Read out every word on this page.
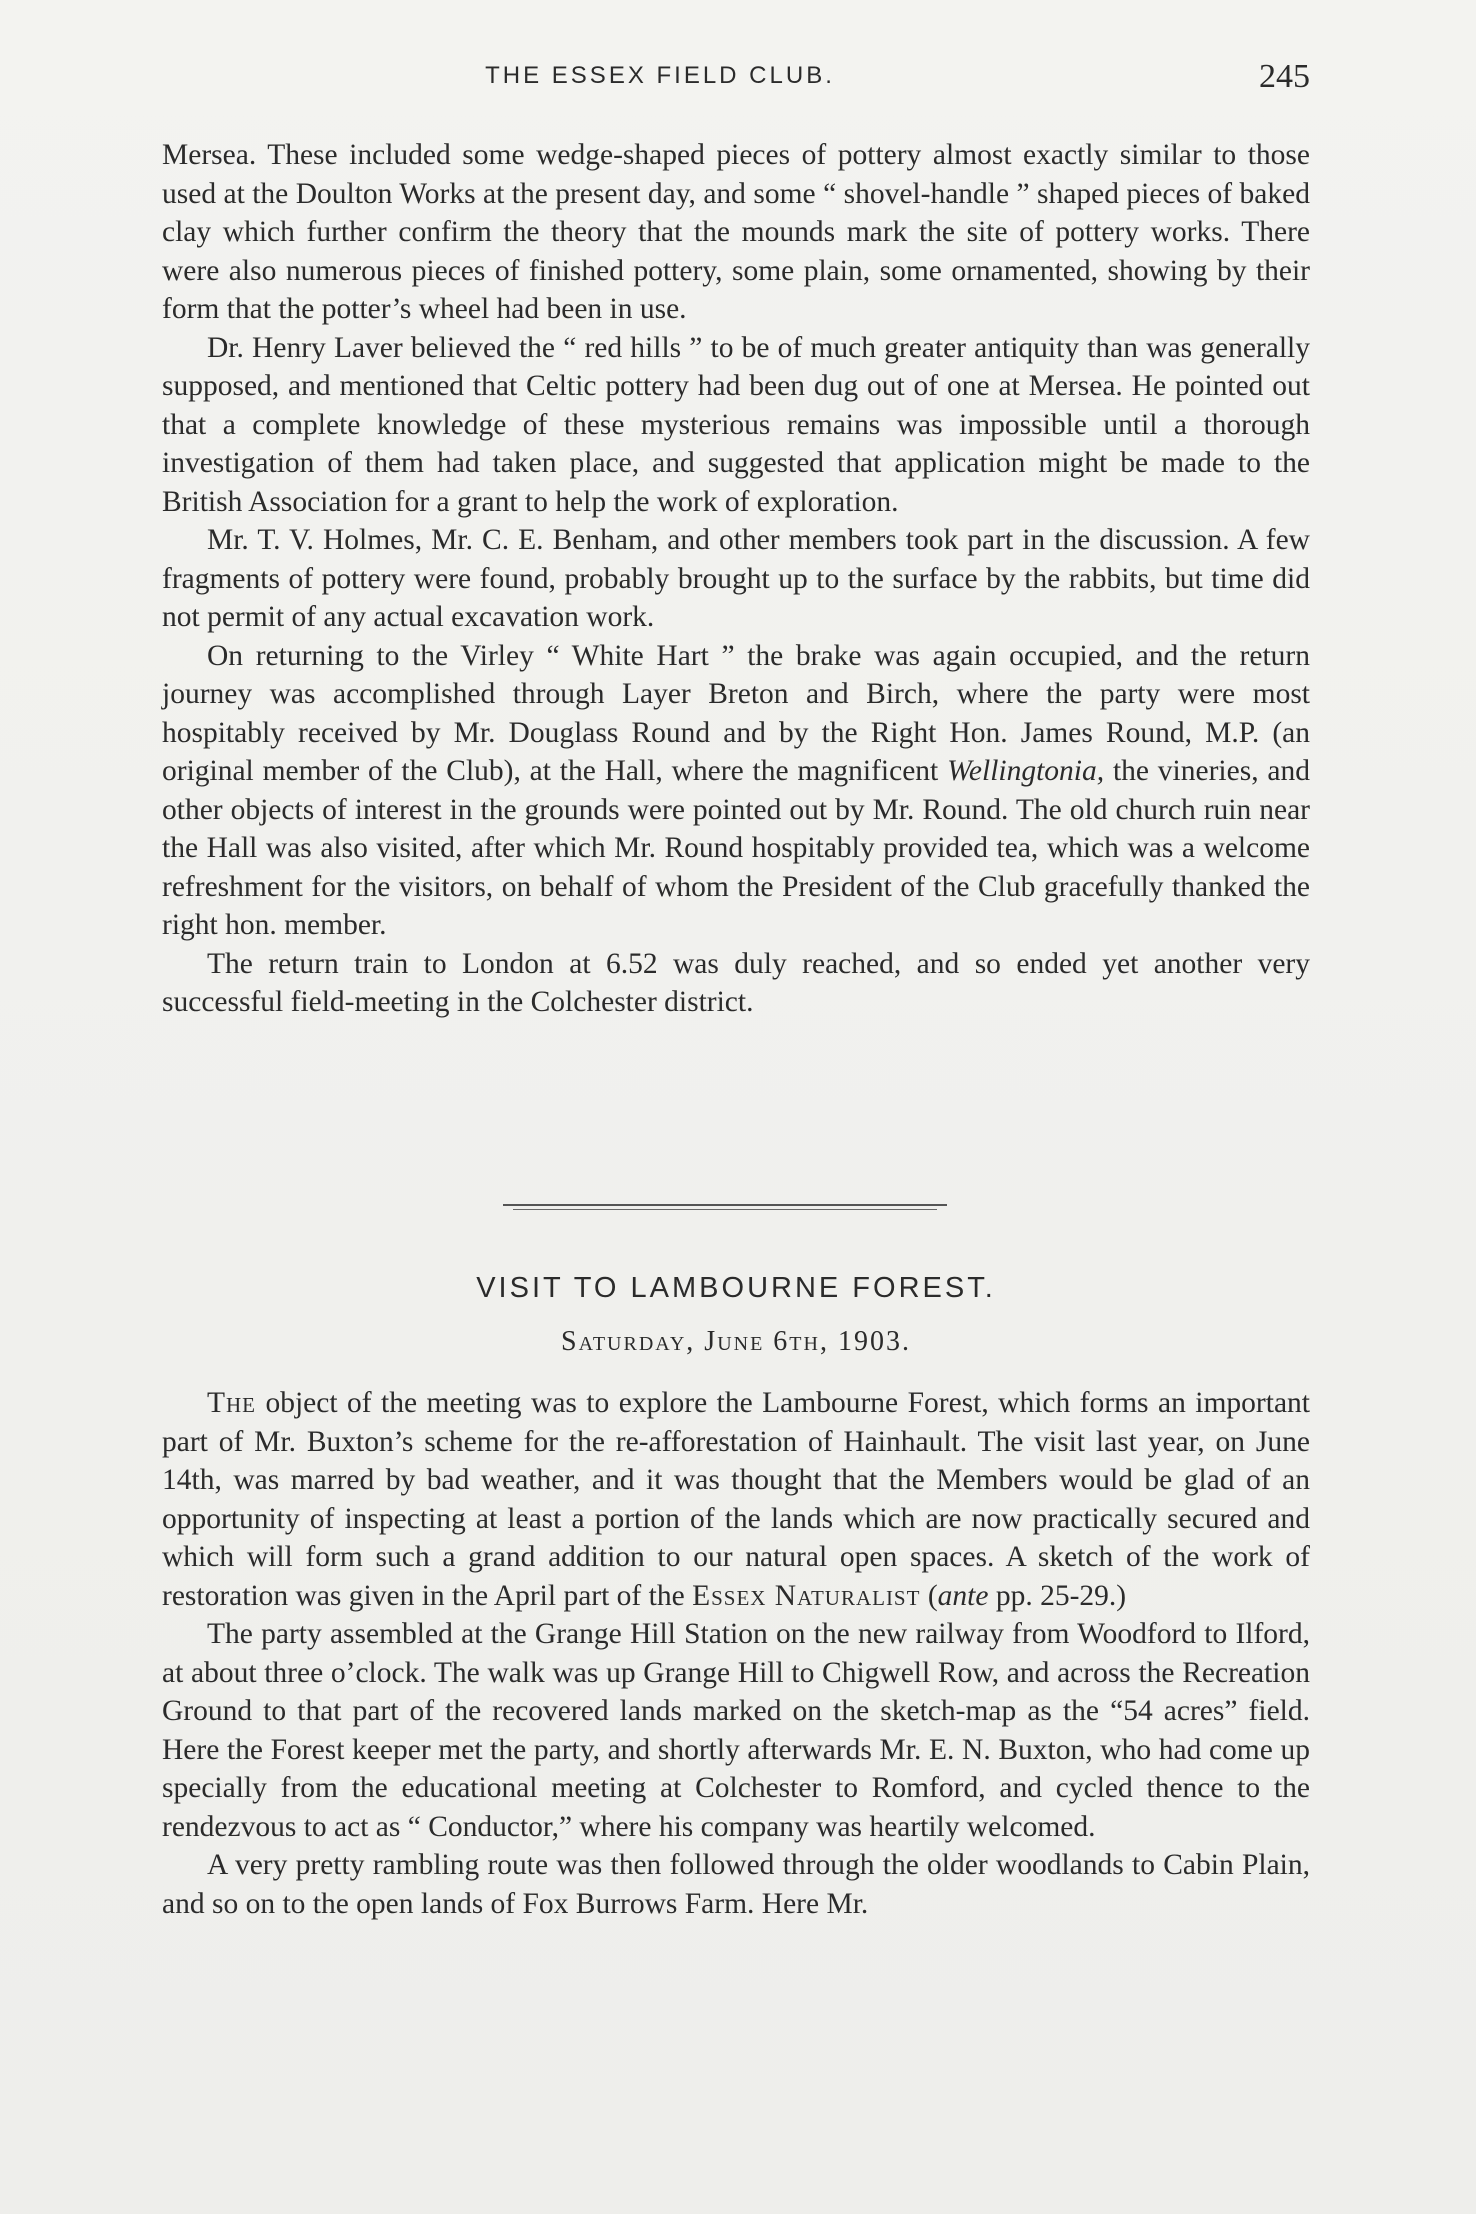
THE ESSEX FIELD CLUB.	245

Mersea. These included some wedge-shaped pieces of pottery almost exactly similar to those used at the Doulton Works at the present day, and some “ shovel-handle ” shaped pieces of baked clay which further confirm the theory that the mounds mark the site of pottery works. There were also numerous pieces of finished pottery, some plain, some ornamented, showing by their form that the potter’s wheel had been in use.

Dr. Henry Laver believed the “ red hills ” to be of much greater antiquity than was generally supposed, and mentioned that Celtic pottery had been dug out of one at Mersea. He pointed out that a complete knowledge of these mysterious remains was impossible until a thorough investigation of them had taken place, and suggested that application might be made to the British Association for a grant to help the work of exploration.

Mr. T. V. Holmes, Mr. C. E. Benham, and other members took part in the discussion. A few fragments of pottery were found, probably brought up to the surface by the rabbits, but time did not permit of any actual excavation work.

On returning to the Virley “ White Hart ” the brake was again occupied, and the return journey was accomplished through Layer Breton and Birch, where the party were most hospitably received by Mr. Douglass Round and by the Right Hon. James Round, M.P. (an original member of the Club), at the Hall, where the magnificent Wellingtonia, the vineries, and other objects of interest in the grounds were pointed out by Mr. Round. The old church ruin near the Hall was also visited, after which Mr. Round hospitably provided tea, which was a welcome refreshment for the visitors, on behalf of whom the President of the Club gracefully thanked the right hon. member.

The return train to London at 6.52 was duly reached, and so ended yet another very successful field-meeting in the Colchester district.

VISIT TO LAMBOURNE FOREST.
Saturday, June 6th, 1903.

The object of the meeting was to explore the Lambourne Forest, which forms an important part of Mr. Buxton’s scheme for the re-afforestation of Hainhault. The visit last year, on June 14th, was marred by bad weather, and it was thought that the Members would be glad of an opportunity of inspecting at least a portion of the lands which are now practically secured and which will form such a grand addition to our natural open spaces. A sketch of the work of restoration was given in the April part of the Essex Naturalist (ante pp. 25-29.)

The party assembled at the Grange Hill Station on the new railway from Woodford to Ilford, at about three o’clock. The walk was up Grange Hill to Chigwell Row, and across the Recreation Ground to that part of the recovered lands marked on the sketch-map as the “54 acres” field. Here the Forest keeper met the party, and shortly afterwards Mr. E. N. Buxton, who had come up specially from the educational meeting at Colchester to Romford, and cycled thence to the rendezvous to act as “ Conductor,” where his company was heartily welcomed.

A very pretty rambling route was then followed through the older woodlands to Cabin Plain, and so on to the open lands of Fox Burrows Farm. Here Mr.
